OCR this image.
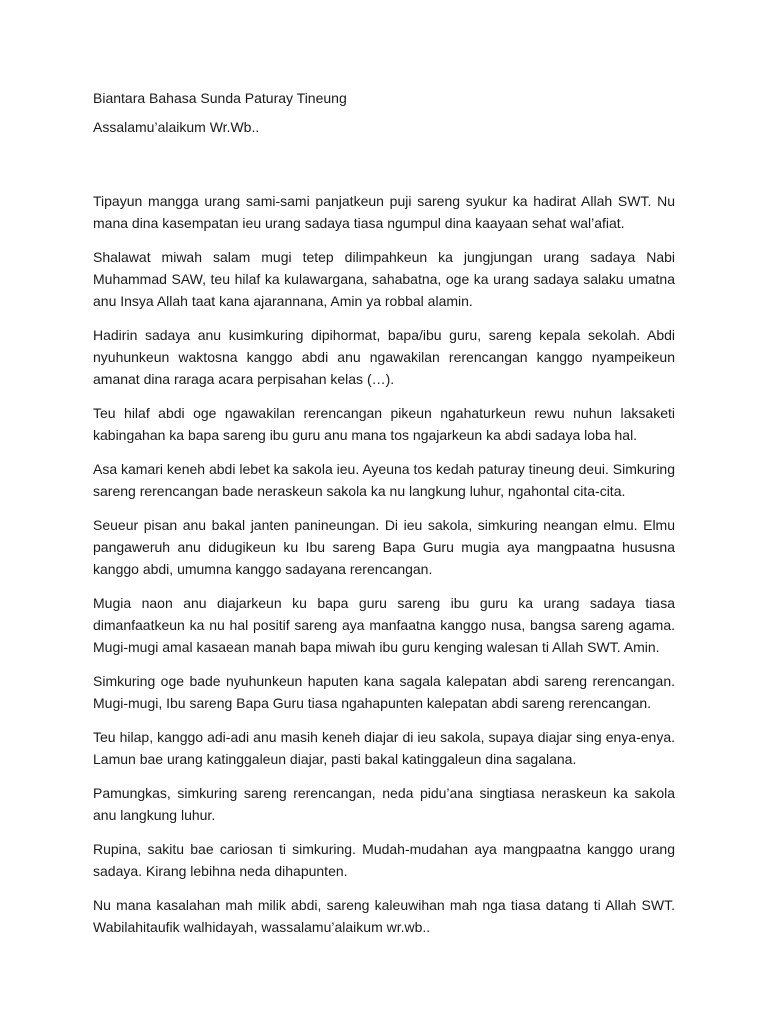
Biantara Bahasa Sunda Paturay Tineung

Assalamu’alaikum Wr.Wb..

Tipayun mangga urang sami-sami panjatkeun puji sareng syukur ka hadirat Allah SWT. Nu mana dina kasempatan ieu urang sadaya tiasa ngumpul dina kaayaan sehat wal’afiat.

Shalawat miwah salam mugi tetep dilimpahkeun ka jungjungan urang sadaya Nabi Muhammad SAW, teu hilaf ka kulawargana, sahabatna, oge ka urang sadaya salaku umatna anu Insya Allah taat kana ajarannana, Amin ya robbal alamin.

Hadirin sadaya anu kusimkuring dipihormat, bapa/ibu guru, sareng kepala sekolah. Abdi nyuhunkeun waktosna kanggo abdi anu ngawakilan rerencangan kanggo nyampeikeun amanat dina raraga acara perpisahan kelas (…).

Teu hilaf abdi oge ngawakilan rerencangan pikeun ngahaturkeun rewu nuhun laksaketi kabingahan ka bapa sareng ibu guru anu mana tos ngajarkeun ka abdi sadaya loba hal.

Asa kamari keneh abdi lebet ka sakola ieu. Ayeuna tos kedah paturay tineung deui. Simkuring sareng rerencangan bade neraskeun sakola ka nu langkung luhur, ngahontal cita-cita.

Seueur pisan anu bakal janten panineungan. Di ieu sakola, simkuring neangan elmu. Elmu pangaweruh anu didugikeun ku Ibu sareng Bapa Guru mugia aya mangpaatna hususna kanggo abdi, umumna kanggo sadayana rerencangan.

Mugia naon anu diajarkeun ku bapa guru sareng ibu guru ka urang sadaya tiasa dimanfaatkeun ka nu hal positif sareng aya manfaatna kanggo nusa, bangsa sareng agama. Mugi-mugi amal kasaean manah bapa miwah ibu guru kenging walesan ti Allah SWT. Amin.

Simkuring oge bade nyuhunkeun haputen kana sagala kalepatan abdi sareng rerencangan. Mugi-mugi, Ibu sareng Bapa Guru tiasa ngahapunten kalepatan abdi sareng rerencangan.

Teu hilap, kanggo adi-adi anu masih keneh diajar di ieu sakola, supaya diajar sing enya-enya. Lamun bae urang katinggaleun diajar, pasti bakal katinggaleun dina sagalana.

Pamungkas, simkuring sareng rerencangan, neda pidu’ana singtiasa neraskeun ka sakola anu langkung luhur.

Rupina, sakitu bae cariosan ti simkuring. Mudah-mudahan aya mangpaatna kanggo urang sadaya. Kirang lebihna neda dihapunten.

Nu mana kasalahan mah milik abdi, sareng kaleuwihan mah nga tiasa datang ti Allah SWT. Wabilahitaufik walhidayah, wassalamu’alaikum wr.wb..
